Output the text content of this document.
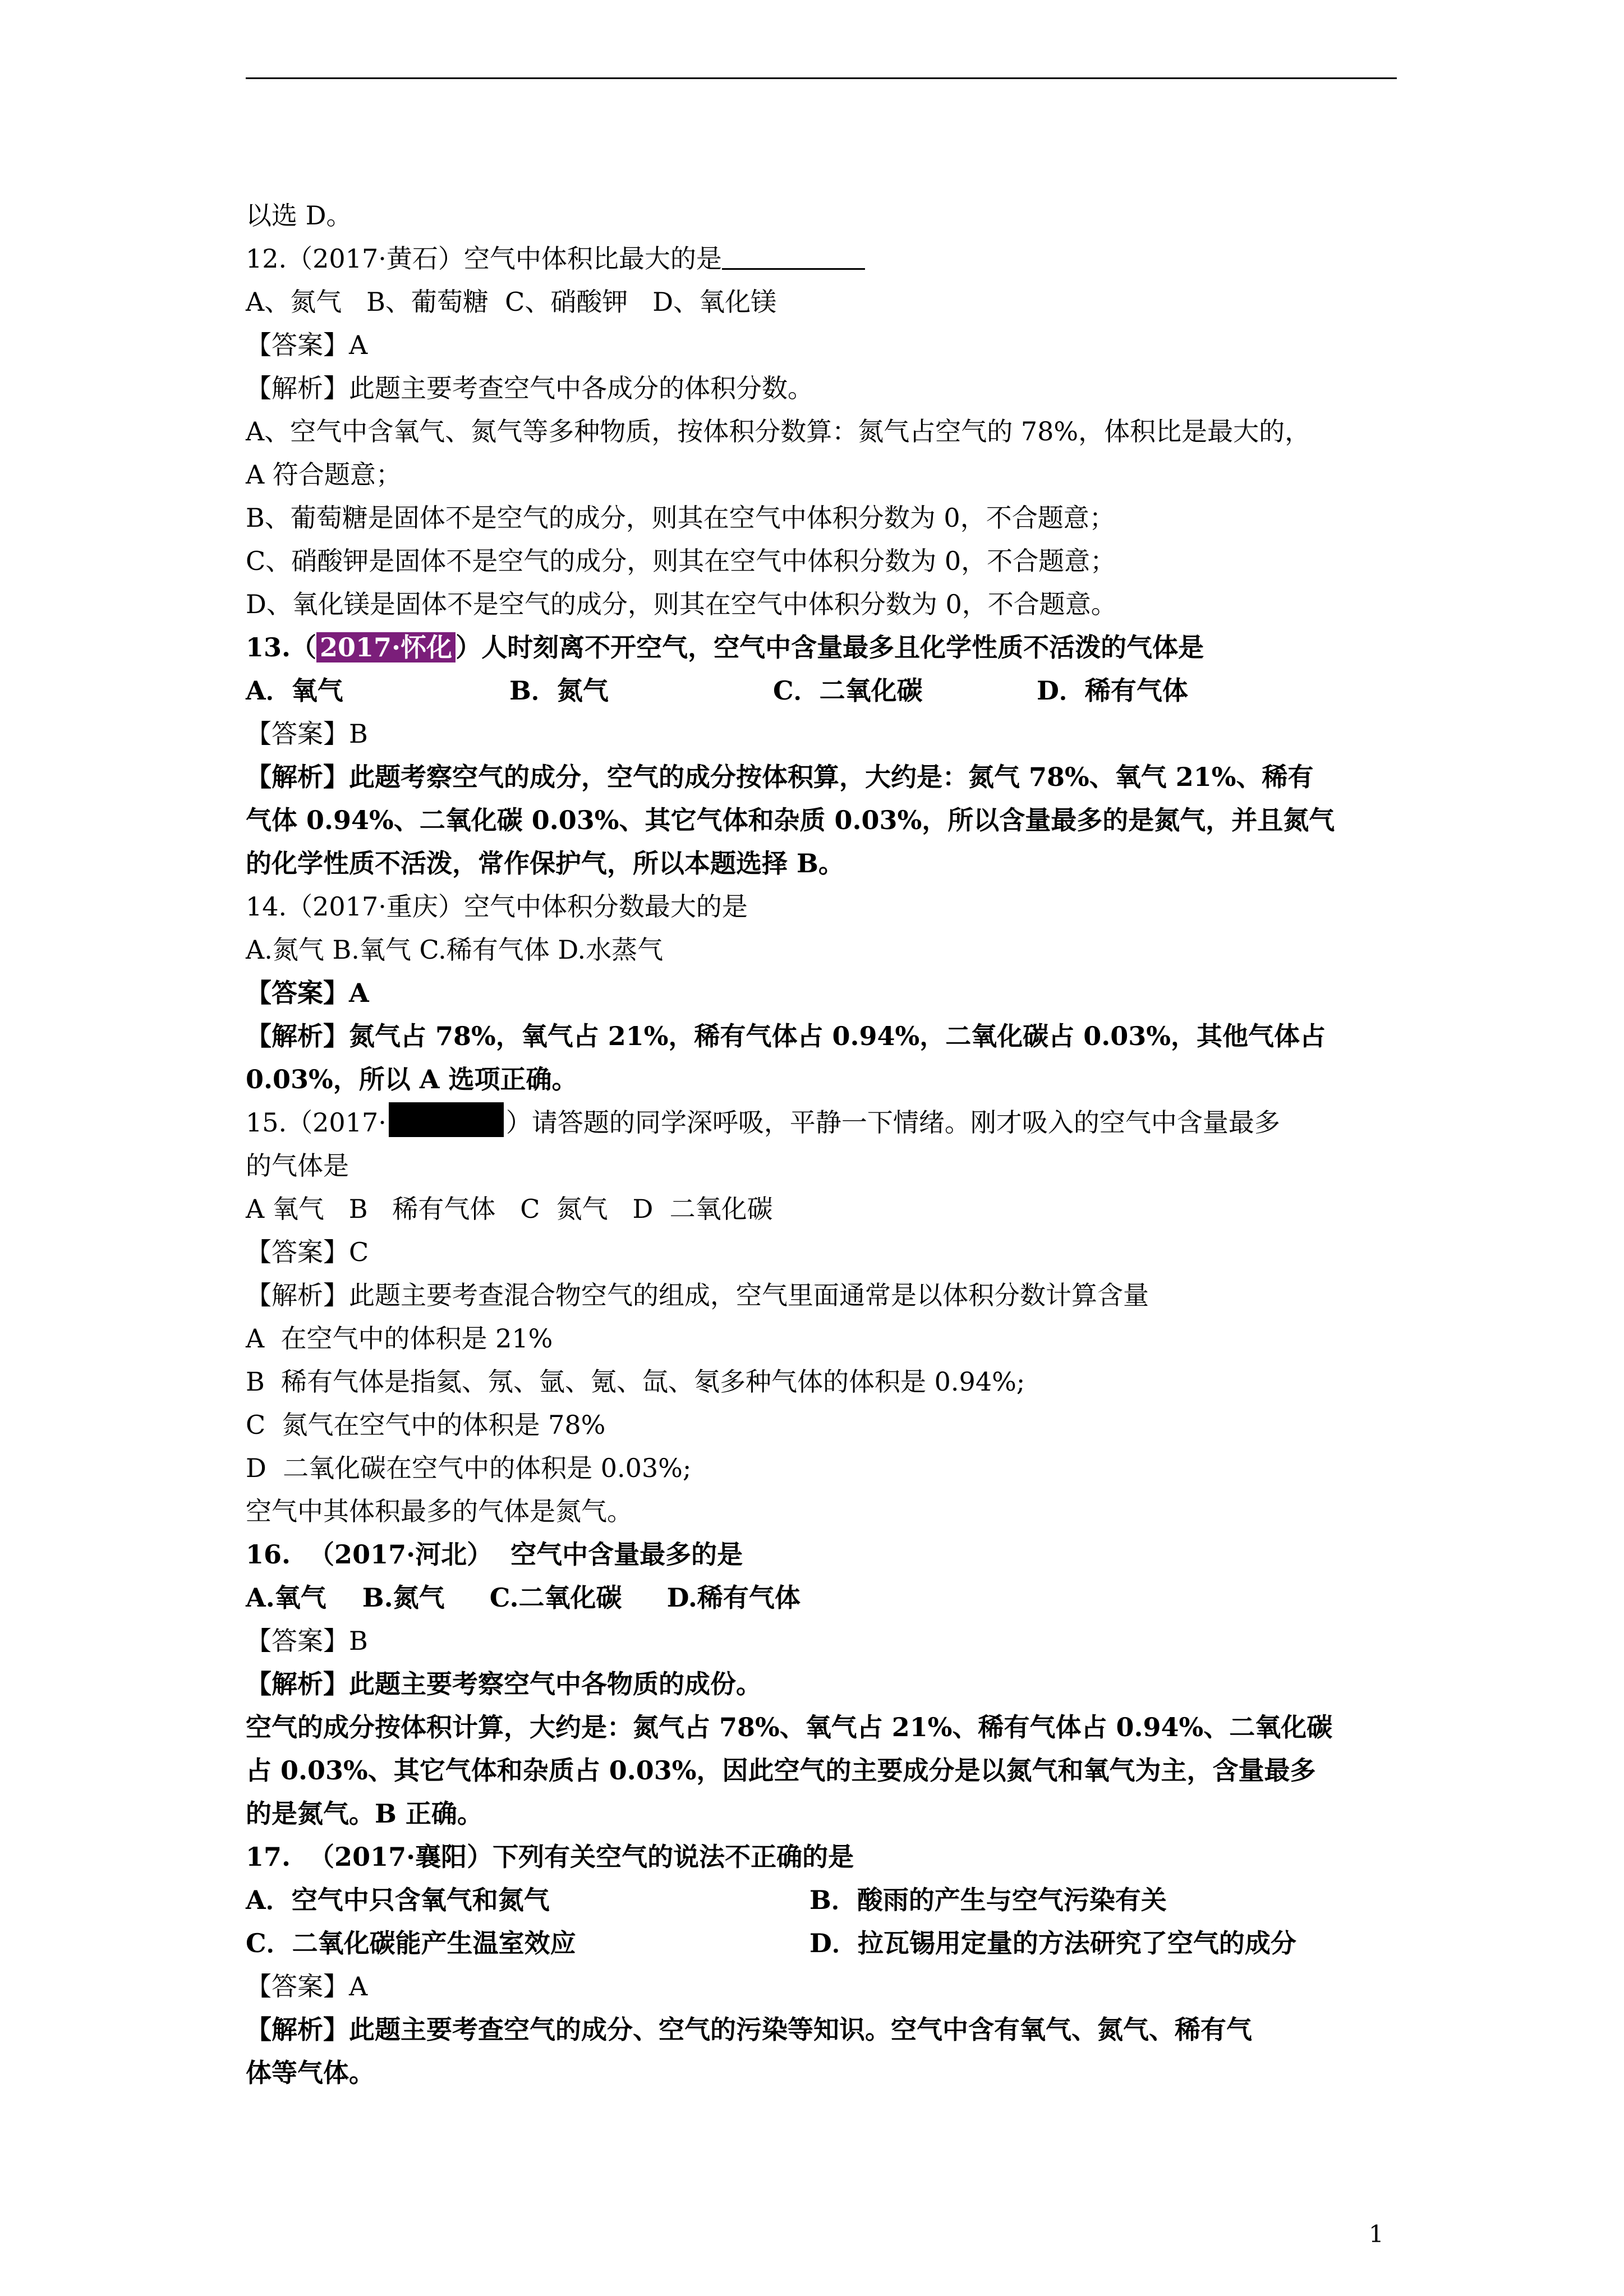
以选 D。
12.（2017·黄石）空气中体积比最大的是
A、氮气   B、葡萄糖  C、硝酸钾   D、氧化镁
【答案】A
【解析】此题主要考查空气中各成分的体积分数。
A、空气中含氧气、氮气等多种物质，按体积分数算：氮气占空气的 78%，体积比是最大的，
A 符合题意；
B、葡萄糖是固体不是空气的成分，则其在空气中体积分数为 0，不合题意；
C、硝酸钾是固体不是空气的成分，则其在空气中体积分数为 0，不合题意；
D、氧化镁是固体不是空气的成分，则其在空气中体积分数为 0，不合题意。
13.（ 2017·怀化 ）人时刻离不开空气，空气中含量最多且化学性质不活泼的气体是
A．氧气	B．氮气	C．二氧化碳	D．稀有气体
【答案】B
【解析】此题考察空气的成分，空气的成分按体积算，大约是：氮气 78%、氧气 21%、稀有
气体 0.94%、二氧化碳 0.03%、其它气体和杂质 0.03%，所以含量最多的是氮气，并且氮气
的化学性质不活泼，常作保护气，所以本题选择 B。
14.（2017·重庆）空气中体积分数最大的是
A.氮气 B.氧气 C.稀有气体 D.水蒸气
【答案】A
【解析】氮气占 78%，氧气占 21%，稀有气体占 0.94%，二氧化碳占 0.03%，其他气体占
0.03%，所以 A 选项正确。
15.（2017·	）请答题的同学深呼吸，平静一下情绪。刚才吸入的空气中含量最多
的气体是
A 氧气   B   稀有气体   C  氮气   D  二氧化碳
【答案】C
【解析】此题主要考查混合物空气的组成，空气里面通常是以体积分数计算含量
A  在空气中的体积是 21%
B  稀有气体是指氦、氖、氩、氪、氙、氡多种气体的体积是 0.94%;
C  氮气在空气中的体积是 78%
D  二氧化碳在空气中的体积是 0.03%;
空气中其体积最多的气体是氮气。
16.  （2017·河北）  空气中含量最多的是
A.氧气    B.氮气     C.二氧化碳     D.稀有气体
【答案】B
【解析】此题主要考察空气中各物质的成份。
空气的成分按体积计算，大约是：氮气占 78%、氧气占 21%、稀有气体占 0.94%、二氧化碳
占 0.03%、其它气体和杂质占 0.03%，因此空气的主要成分是以氮气和氧气为主，含量最多
的是氮气。B 正确。
17.  （2017·襄阳）下列有关空气的说法不正确的是
A．空气中只含氧气和氮气	B．酸雨的产生与空气污染有关
C．二氧化碳能产生温室效应	D．拉瓦锡用定量的方法研究了空气的成分
【答案】A
【解析】此题主要考查空气的成分、空气的污染等知识。空气中含有氧气、氮气、稀有气
体等气体。
1
